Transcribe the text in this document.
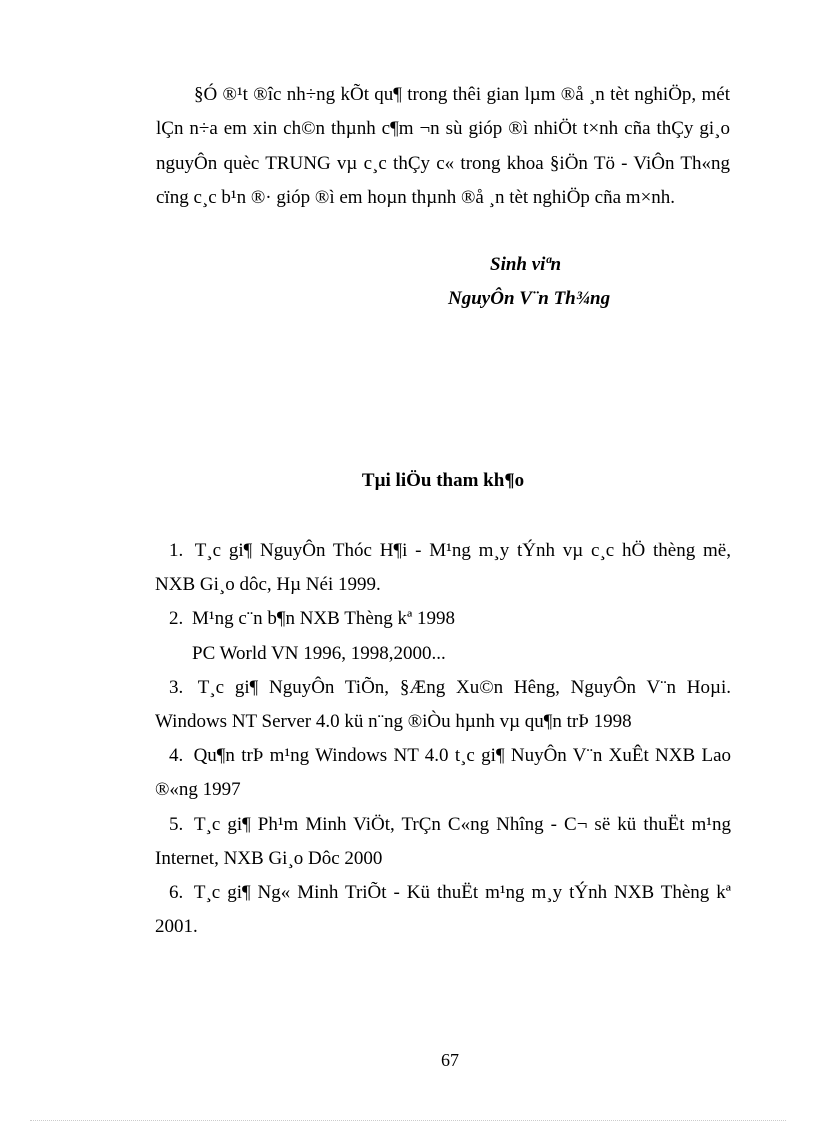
§Ó ®¹t ®îc nh÷ng kÕt qu¶ trong thêi gian lµm ®å ¸n tèt nghiÖp, mét lÇn n÷a em xin ch©n thµnh c¶m ¬n sù gióp ®ì nhiÖt t×nh cña thÇy gi¸o nguyÔn quèc TRUNG vµ c¸c thÇy c« trong khoa §iÖn Tö - ViÔn Th«ng cïng c¸c b¹n ®· gióp ®ì em hoµn thµnh ®å ¸n tèt nghiÖp cña m×nh.

Sinh viªn
NguyÔn V¨n Th¾ng
Tµi liÖu tham kh¶o
1. T¸c gi¶ NguyÔn Thóc H¶i - M¹ng m¸y tÝnh vµ c¸c hÖ thèng më, NXB Gi¸o dôc, Hµ Néi 1999.
2. M¹ng c¨n b¶n NXB Thèng kª 1998
PC World VN 1996, 1998,2000...
3. T¸c gi¶ NguyÔn TiÕn, §Æng Xu©n Hêng, NguyÔn V¨n Hoµi. Windows NT Server 4.0 kü n¨ng ®iÒu hµnh vµ qu¶n trÞ 1998
4. Qu¶n trÞ m¹ng Windows NT 4.0 t¸c gi¶ NuyÔn V¨n XuÊt NXB Lao ®«ng 1997
5. T¸c gi¶ Ph¹m Minh ViÖt, TrÇn C«ng Nhîng - C¬ së kü thuËt m¹ng Internet, NXB Gi¸o Dôc 2000
6. T¸c gi¶ Ng« Minh TriÕt - Kü thuËt m¹ng m¸y tÝnh NXB Thèng kª 2001.
67
